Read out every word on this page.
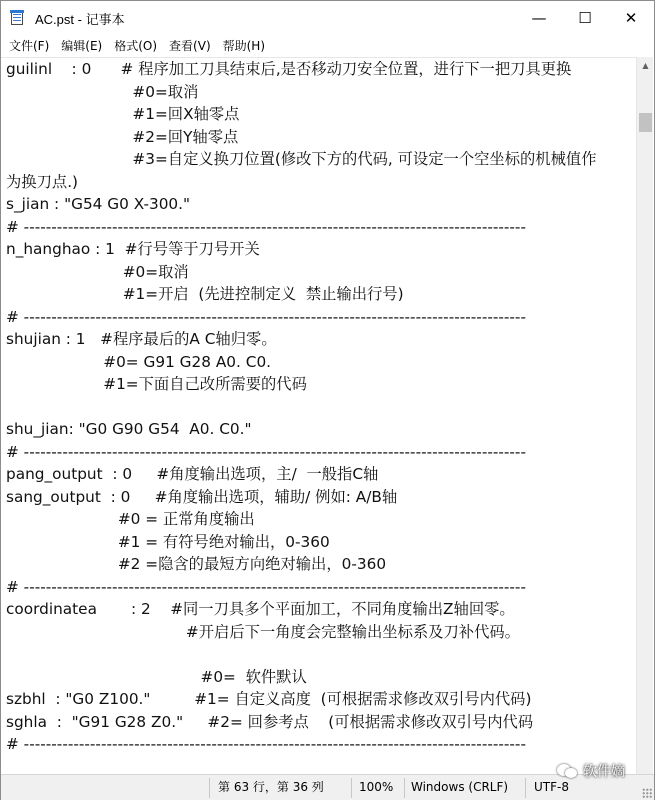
AC.pst - 记事本	—	☐	✕
文件(F)	编辑(E)	格式(O)	查看(V)	帮助(H)
guilinl    : 0      # 程序加工刀具结束后,是否移动刀安全位置，进行下一把刀具更换
#0=取消
#1=回X轴零点
#2=回Y轴零点
#3=自定义换刀位置(修改下方的代码, 可设定一个空坐标的机械值作
为换刀点.)
s_jian : "G54 G0 X-300."
# -------------------------------------------------------------------------------------------
n_hanghao : 1  #行号等于刀号开关
#0=取消
#1=开启  (先进控制定义  禁止输出行号)
# -------------------------------------------------------------------------------------------
shujian : 1   #程序最后的A C轴归零。
#0= G91 G28 A0. C0.
#1=下面自己改所需要的代码
shu_jian: "G0 G90 G54  A0. C0."
# -------------------------------------------------------------------------------------------
pang_output  : 0     #角度输出选项，主/  一般指C轴
sang_output  : 0     #角度输出选项，辅助/ 例如: A/B轴
#0 = 正常角度输出
#1 = 有符号绝对输出，0-360
#2 =隐含的最短方向绝对输出，0-360
# -------------------------------------------------------------------------------------------
coordinatea       : 2    #同一刀具多个平面加工，不同角度输出Z轴回零。
#开启后下一角度会完整输出坐标系及刀补代码。
#0=  软件默认
szbhl  : "G0 Z100."         #1= 自定义高度  (可根据需求修改双引号内代码)
sghla  :  "G91 G28 Z0."     #2= 回参考点    (可根据需求修改双引号内代码
# -------------------------------------------------------------------------------------------
▲
第 63 行，第 36 列	100% Windows (CRLF) UTF-8
软件嫡
